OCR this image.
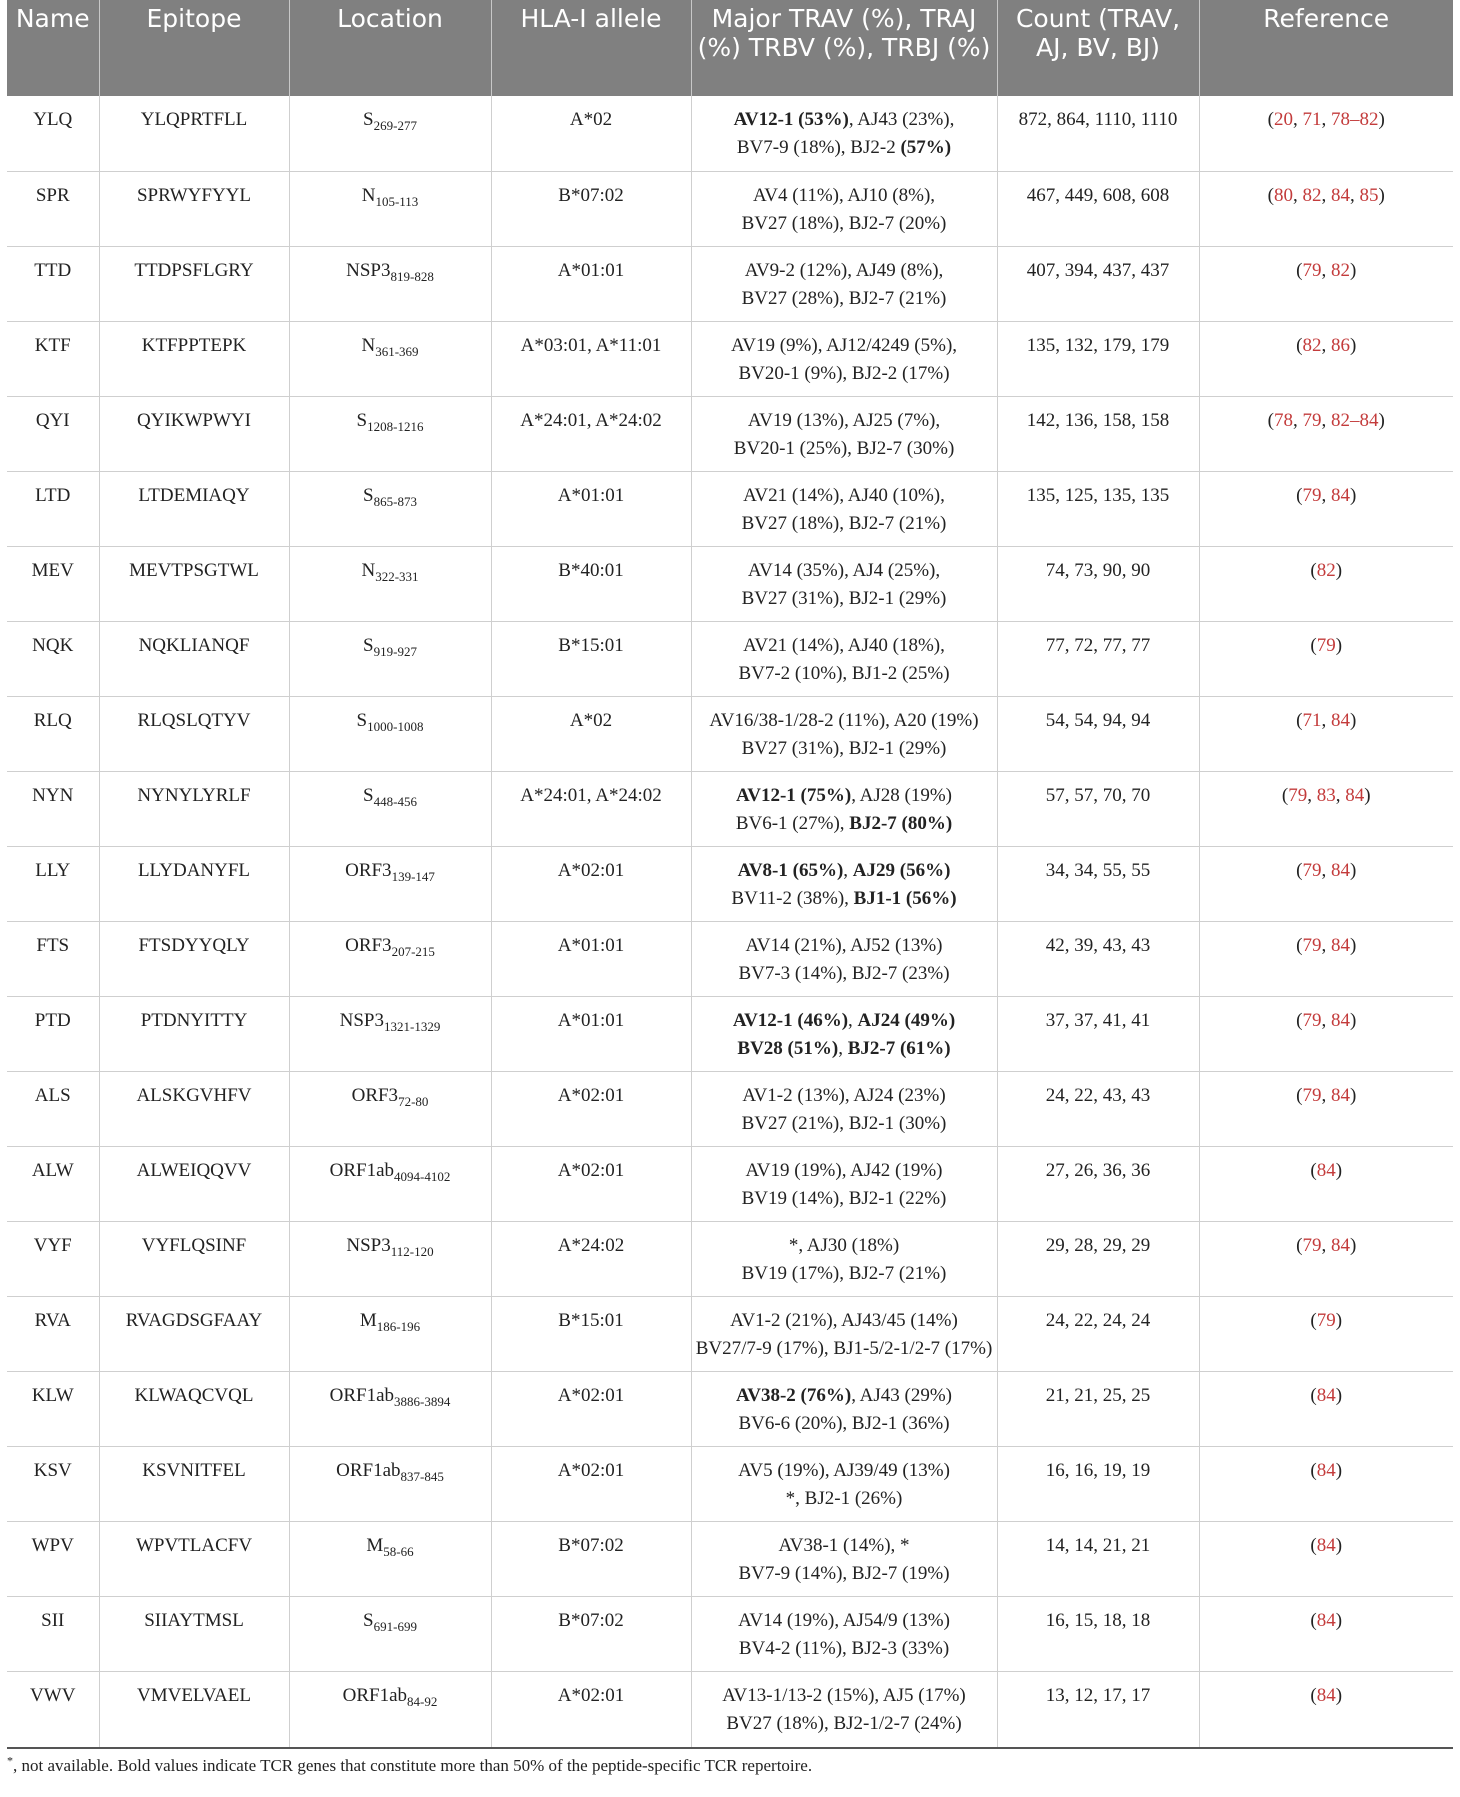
Name	Epitope	Location	HLA-I allele	Major TRAV (%), TRAJ (%) TRBV (%), TRBJ (%)	Count (TRAV, AJ, BV, BJ)	Reference
YLQ	YLQPRTFLL	$S_{269-277}$	A*02	AV12-1 (53%), AJ43 (23%),
BV7-9 (18%), BJ2-2 (57%)	872, 864, 1110, 1110	(20, 71, 78–82)
SPR	SPRWYFYYL	$N_{105-113}$	B*07:02	AV4 (11%), AJ10 (8%),
BV27 (18%), BJ2-7 (20%)	467, 449, 608, 608	(80, 82, 84, 85)
TTD	TTDPSFLGRY	$NSP3_{819-828}$	A*01:01	AV9-2 (12%), AJ49 (8%),
BV27 (28%), BJ2-7 (21%)	407, 394, 437, 437	(79, 82)
KTF	KTFPPTEPK	$N_{361-369}$	A*03:01, A*11:01	AV19 (9%), AJ12/4249 (5%),
BV20-1 (9%), BJ2-2 (17%)	135, 132, 179, 179	(82, 86)
QYI	QYIKWPWYI	$S_{1208-1216}$	A*24:01, A*24:02	AV19 (13%), AJ25 (7%),
BV20-1 (25%), BJ2-7 (30%)	142, 136, 158, 158	(78, 79, 82–84)
LTD	LTDEMIAQY	$S_{865-873}$	A*01:01	AV21 (14%), AJ40 (10%),
BV27 (18%), BJ2-7 (21%)	135, 125, 135, 135	(79, 84)
MEV	MEVTPSGTWL	$N_{322-331}$	B*40:01	AV14 (35%), AJ4 (25%),
BV27 (31%), BJ2-1 (29%)	74, 73, 90, 90	(82)
NQK	NQKLIANQF	$S_{919-927}$	B*15:01	AV21 (14%), AJ40 (18%),
BV7-2 (10%), BJ1-2 (25%)	77, 72, 77, 77	(79)
RLQ	RLQSLQTYV	$S_{1000-1008}$	A*02	AV16/38-1/28-2 (11%), A20 (19%)
BV27 (31%), BJ2-1 (29%)	54, 54, 94, 94	(71, 84)
NYN	NYNYLYRLF	$S_{448-456}$	A*24:01, A*24:02	AV12-1 (75%), AJ28 (19%)
BV6-1 (27%), BJ2-7 (80%)	57, 57, 70, 70	(79, 83, 84)
LLY	LLYDANYFL	$ORF3_{139-147}$	A*02:01	AV8-1 (65%), AJ29 (56%)
BV11-2 (38%), BJ1-1 (56%)	34, 34, 55, 55	(79, 84)
FTS	FTSDYYQLY	$ORF3_{207-215}$	A*01:01	AV14 (21%), AJ52 (13%)
BV7-3 (14%), BJ2-7 (23%)	42, 39, 43, 43	(79, 84)
PTD	PTDNYITTY	$NSP3_{1321-1329}$	A*01:01	AV12-1 (46%), AJ24 (49%)
BV28 (51%), BJ2-7 (61%)	37, 37, 41, 41	(79, 84)
ALS	ALSKGVHFV	$ORF3_{72-80}$	A*02:01	AV1-2 (13%), AJ24 (23%)
BV27 (21%), BJ2-1 (30%)	24, 22, 43, 43	(79, 84)
ALW	ALWEIQQVV	$ORF1ab_{4094-4102}$	A*02:01	AV19 (19%), AJ42 (19%)
BV19 (14%), BJ2-1 (22%)	27, 26, 36, 36	(84)
VYF	VYFLQSINF	$NSP3_{112-120}$	A*24:02	*, AJ30 (18%)
BV19 (17%), BJ2-7 (21%)	29, 28, 29, 29	(79, 84)
RVA	RVAGDSGFAAY	$M_{186-196}$	B*15:01	AV1-2 (21%), AJ43/45 (14%)
BV27/7-9 (17%), BJ1-5/2-1/2-7 (17%)	24, 22, 24, 24	(79)
KLW	KLWAQCVQL	$ORF1ab_{3886-3894}$	A*02:01	AV38-2 (76%), AJ43 (29%)
BV6-6 (20%), BJ2-1 (36%)	21, 21, 25, 25	(84)
KSV	KSVNITFEL	$ORF1ab_{837-845}$	A*02:01	AV5 (19%), AJ39/49 (13%)
*, BJ2-1 (26%)	16, 16, 19, 19	(84)
WPV	WPVTLACFV	$M_{58-66}$	B*07:02	AV38-1 (14%), *
BV7-9 (14%), BJ2-7 (19%)	14, 14, 21, 21	(84)
SII	SIIAYTMSL	$S_{691-699}$	B*07:02	AV14 (19%), AJ54/9 (13%)
BV4-2 (11%), BJ2-3 (33%)	16, 15, 18, 18	(84)
VWV	VMVELVAEL	$ORF1ab_{84-92}$	A*02:01	AV13-1/13-2 (15%), AJ5 (17%)
BV27 (18%), BJ2-1/2-7 (24%)	13, 12, 17, 17	(84)
*, not available. Bold values indicate TCR genes that constitute more than 50% of the peptide-specific TCR repertoire.
